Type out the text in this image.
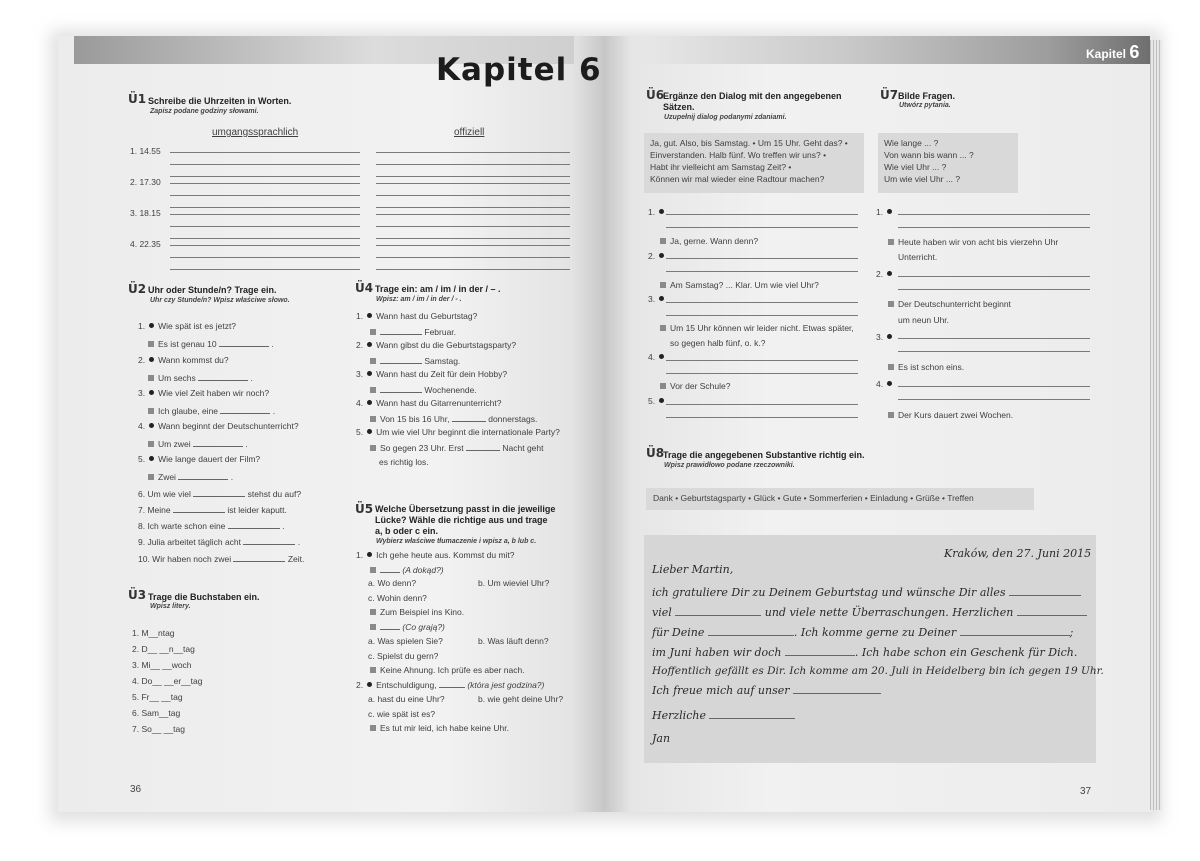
Kapitel 6	Kapitel 6
Ü1 Schreibe die Uhrzeiten in Worten.
Zapisz podane godziny słowami.
umgangssprachlich	offiziell
1. 14.55
2. 17.30
3. 18.15
4. 22.35
Ü2 Uhr oder Stunde/n? Trage ein.
Uhr czy Stunde/n? Wpisz właściwe słowo.
1. Wie spät ist es jetzt?
Es ist genau 10	.
2. Wann kommst du?
Um sechs	.
3. Wie viel Zeit haben wir noch?
Ich glaube, eine	.
4. Wann beginnt der Deutschunterricht?
Um zwei	.
5. Wie lange dauert der Film?
Zwei	.
6. Um wie viel	stehst du auf?
7. Meine	ist leider kaputt.
8. Ich warte schon eine	.
9. Julia arbeitet täglich acht	.
10. Wir haben noch zwei	Zeit.
Ü3 Trage die Buchstaben ein.
Wpisz litery.
1. M__ntag
2. D__ __n__tag
3. Mi__ __woch
4. Do__ __er__tag
5. Fr__ __tag
6. Sam__tag
7. So__ __tag
Ü4 Trage ein: am / im / in der / – .
Wpisz: am / im / in der / - .
1. Wann hast du Geburtstag?
Februar.
2. Wann gibst du die Geburtstagsparty?
Samstag.
3. Wann hast du Zeit für dein Hobby?
Wochenende.
4. Wann hast du Gitarrenunterricht?
Von 15 bis 16 Uhr,	donnerstags.
5. Um wie viel Uhr beginnt die internationale Party?
So gegen 23 Uhr. Erst	Nacht geht
es richtig los.
Ü5 Welche Übersetzung passt in die jeweilige
Lücke? Wähle die richtige aus und trage
a, b oder c ein.
Wybierz właściwe tłumaczenie i wpisz a, b lub c.
1. Ich gehe heute aus. Kommst du mit?
(A dokąd?)
a. Wo denn?	b. Um wieviel Uhr?
c. Wohin denn?
Zum Beispiel ins Kino.
(Co grają?)
a. Was spielen Sie?	b. Was läuft denn?
c. Spielst du gern?
Keine Ahnung. Ich prüfe es aber nach.
2. Entschuldigung,	(która jest godzina?)
a. hast du eine Uhr?	b. wie geht deine Uhr?
c. wie spät ist es?
Es tut mir leid, ich habe keine Uhr.
36
Ü6
Ergänze den Dialog mit den angegebenen
Sätzen.
Uzupełnij dialog podanymi zdaniami.
Ja, gut. Also, bis Samstag. • Um 15 Uhr. Geht das? •
Einverstanden. Halb fünf. Wo treffen wir uns? •
Habt ihr vielleicht am Samstag Zeit? •
Können wir mal wieder eine Radtour machen?
1.
Ja, gerne. Wann denn?
2.
Am Samstag? ... Klar. Um wie viel Uhr?
3.
Um 15 Uhr können wir leider nicht. Etwas später,
so gegen halb fünf, o. k.?
4.
Vor der Schule?
5.
Ü7 Bilde Fragen.
Utwórz pytania.
Wie lange ... ?
Von wann bis wann ... ?
Wie viel Uhr ... ?
Um wie viel Uhr ... ?
1.
Heute haben wir von acht bis vierzehn Uhr
Unterricht.
2.
Der Deutschunterricht beginnt
um neun Uhr.
3.
Es ist schon eins.
4.
Der Kurs dauert zwei Wochen.
Ü8
Trage die angegebenen Substantive richtig ein.
Wpisz prawidłowo podane rzeczowniki.
Dank • Geburtstagsparty • Glück • Gute • Sommerferien • Einladung • Grüße • Treffen
Kraków, den 27. Juni 2015
Lieber Martin,
ich gratuliere Dir zu Deinem Geburtstag und wünsche Dir alles
viel	und viele nette Überraschungen. Herzlichen
für Deine	. Ich komme gerne zu Deiner	;
im Juni haben wir doch	. Ich habe schon ein Geschenk für Dich.
Hoffentlich gefällt es Dir. Ich komme am 20. Juli in Heidelberg bin ich gegen 19 Uhr.
Ich freue mich auf unser
Herzliche
Jan
37
